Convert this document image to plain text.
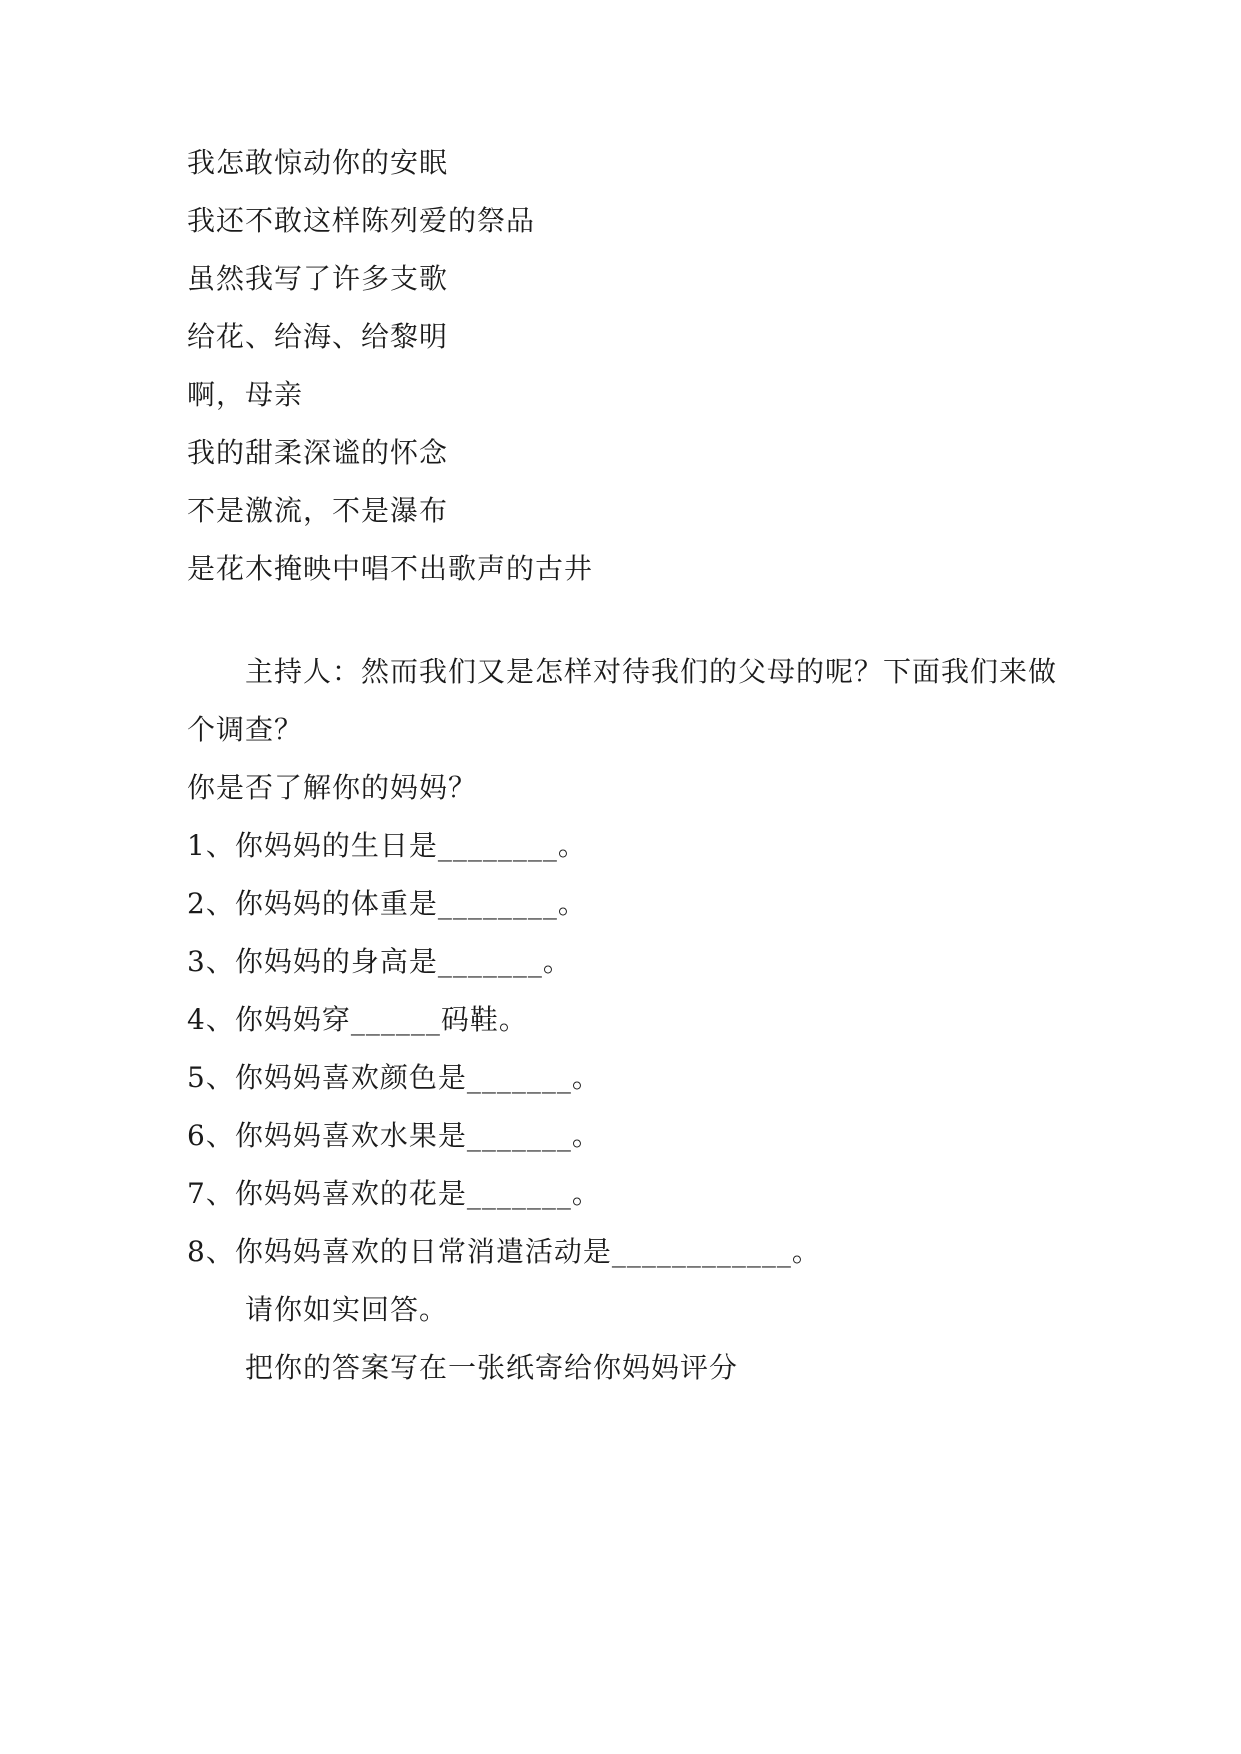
我怎敢惊动你的安眠
我还不敢这样陈列爱的祭品
虽然我写了许多支歌
给花、给海、给黎明
啊，母亲
我的甜柔深谧的怀念
不是激流，不是瀑布
是花木掩映中唱不出歌声的古井
主持人：然而我们又是怎样对待我们的父母的呢？下面我们来做
个调查？
你是否了解你的妈妈？
1、你妈妈的生日是________。
2、你妈妈的体重是________。
3、你妈妈的身高是_______。
4、你妈妈穿______码鞋。
5、你妈妈喜欢颜色是_______。
6、你妈妈喜欢水果是_______。
7、你妈妈喜欢的花是_______。
8、你妈妈喜欢的日常消遣活动是____________。
请你如实回答。
把你的答案写在一张纸寄给你妈妈评分
